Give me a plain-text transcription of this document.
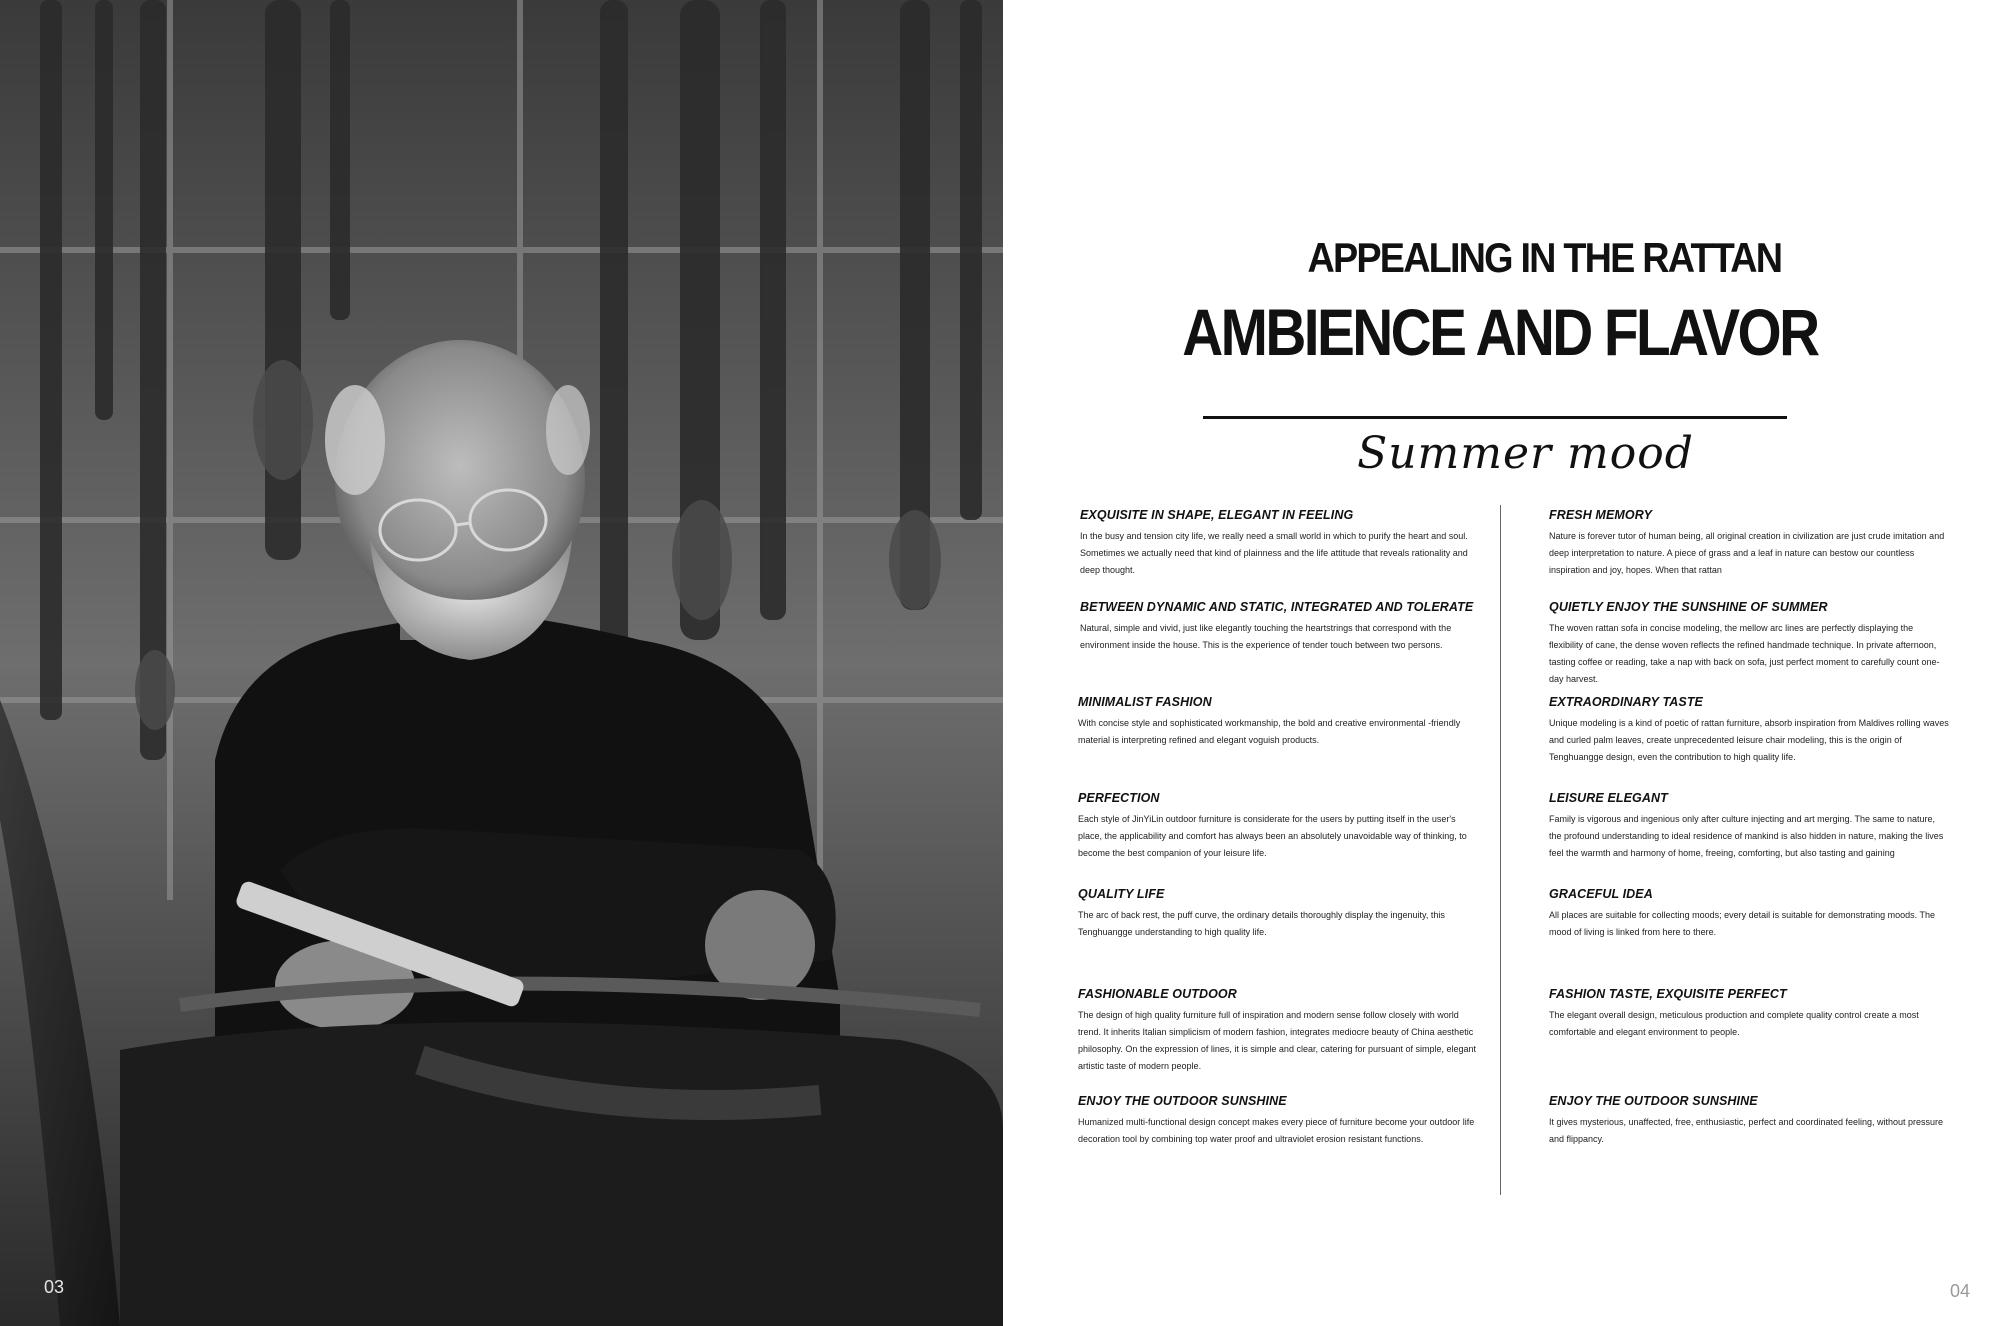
03
APPEALING IN THE RATTAN
AMBIENCE AND FLAVOR
Summer mood
EXQUISITE IN SHAPE, ELEGANT IN FEELING

In the busy and tension city life, we really need a small world in which to purify the heart and soul. Sometimes we actually need that kind of plainness and the life attitude that reveals rationality and deep thought.

BETWEEN DYNAMIC AND STATIC, INTEGRATED AND TOLERATE

Natural, simple and vivid, just like elegantly touching the heartstrings that correspond with the environment inside the house. This is the experience of tender touch between two persons.

MINIMALIST FASHION

With concise style and sophisticated workmanship, the bold and creative environmental -friendly material is interpreting refined and elegant voguish products.

PERFECTION

Each style of JinYiLin outdoor furniture is considerate for the users by putting itself in the user's place, the applicability and comfort has always been an absolutely unavoidable way of thinking, to become the best companion of your leisure life.

QUALITY LIFE

The arc of back rest, the puff curve, the ordinary details thoroughly display the ingenuity, this Tenghuangge understanding to high quality life.

FASHIONABLE OUTDOOR

The design of high quality furniture full of inspiration and modern sense follow closely with world trend. It inherits Italian simplicism of modern fashion, integrates mediocre beauty of China aesthetic philosophy. On the expression of lines, it is simple and clear, catering for pursuant of simple, elegant artistic taste of modern people.

ENJOY THE OUTDOOR SUNSHINE

Humanized multi-functional design concept makes every piece of furniture become your outdoor life decoration tool by combining top water proof and ultraviolet erosion resistant functions.

FRESH MEMORY

Nature is forever tutor of human being, all original creation in civilization are just crude imitation and deep interpretation to nature. A piece of grass and a leaf in nature can bestow our countless inspiration and joy, hopes. When that rattan

QUIETLY ENJOY THE SUNSHINE OF SUMMER

The woven rattan sofa in concise modeling, the mellow arc lines are perfectly displaying the flexibility of cane, the dense woven reflects the refined handmade technique. In private afternoon, tasting coffee or reading, take a nap with back on sofa, just perfect moment to carefully count one-day harvest.

EXTRAORDINARY TASTE

Unique modeling is a kind of poetic of rattan furniture, absorb inspiration from Maldives rolling waves and curled palm leaves, create unprecedented leisure chair modeling, this is the origin of Tenghuangge design, even the contribution to high quality life.

LEISURE ELEGANT

Family is vigorous and ingenious only after culture injecting and art merging. The same to nature, the profound understanding to ideal residence of mankind is also hidden in nature, making the lives feel the warmth and harmony of home, freeing, comforting, but also tasting and gaining

GRACEFUL IDEA

All places are suitable for collecting moods; every detail is suitable for demonstrating moods. The mood of living is linked from here to there.

FASHION TASTE, EXQUISITE PERFECT

The elegant overall design, meticulous production and complete quality control create a most comfortable and elegant environment to people.

ENJOY THE OUTDOOR SUNSHINE

It gives mysterious, unaffected, free, enthusiastic, perfect and coordinated feeling, without pressure and flippancy.

04
